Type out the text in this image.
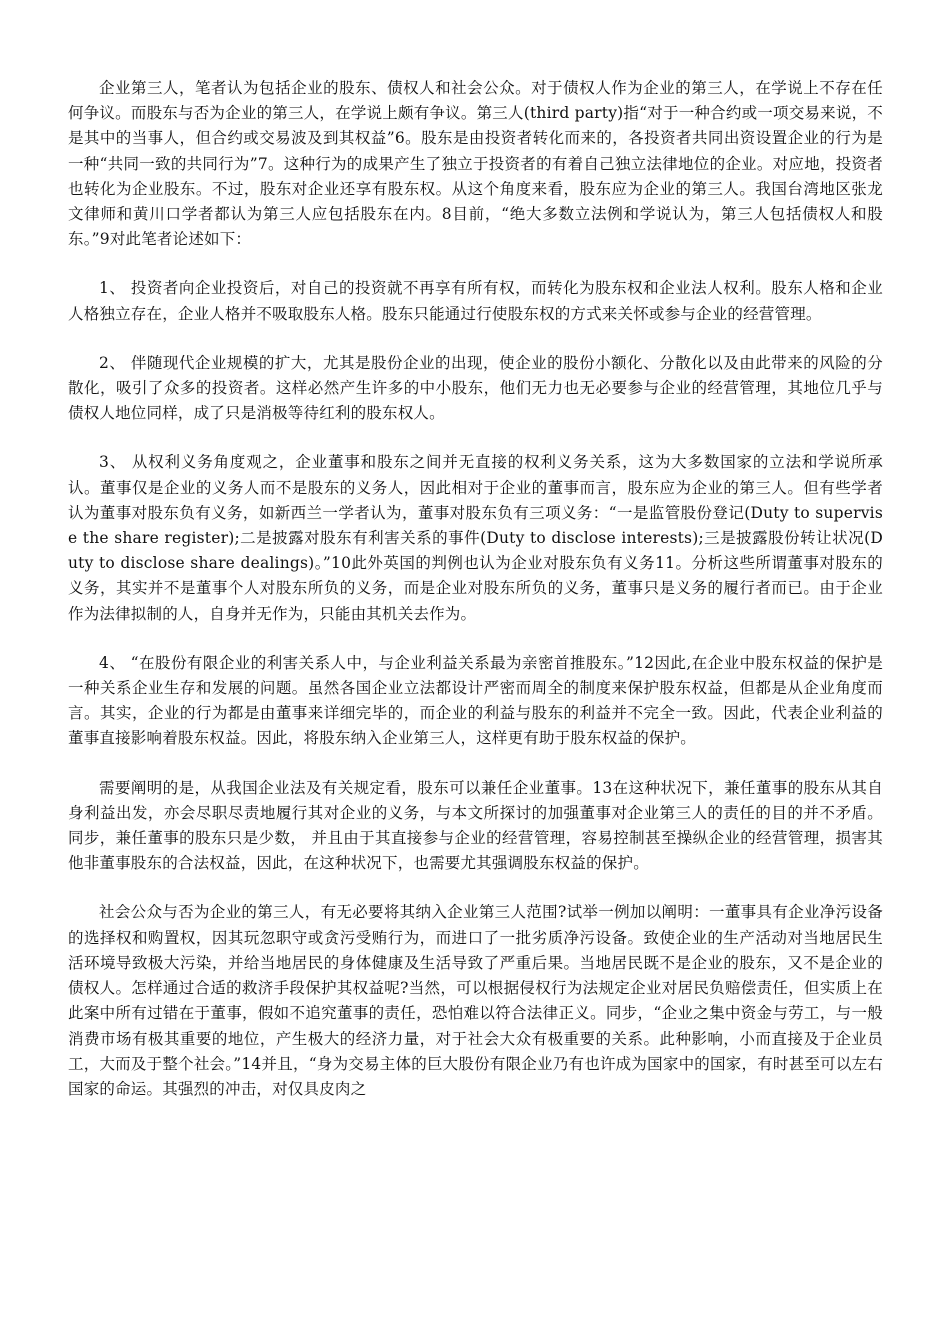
企业第三人，笔者认为包括企业的股东、债权人和社会公众。对于债权人作为企业的第三人，在学说上不存在任何争议。而股东与否为企业的第三人，在学说上颇有争议。第三人(third party)指“对于一种合约或一项交易来说，不是其中的当事人，但合约或交易波及到其权益”6。股东是由投资者转化而来的，各投资者共同出资设置企业的行为是一种“共同一致的共同行为”7。这种行为的成果产生了独立于投资者的有着自己独立法律地位的企业。对应地，投资者也转化为企业股东。不过，股东对企业还享有股东权。从这个角度来看，股东应为企业的第三人。我国台湾地区张龙文律师和黄川口学者都认为第三人应包括股东在内。8目前，“绝大多数立法例和学说认为，第三人包括债权人和股东。”9对此笔者论述如下：

1、 投资者向企业投资后，对自己的投资就不再享有所有权，而转化为股东权和企业法人权利。股东人格和企业人格独立存在，企业人格并不吸取股东人格。股东只能通过行使股东权的方式来关怀或参与企业的经营管理。

2、 伴随现代企业规模的扩大，尤其是股份企业的出现，使企业的股份小额化、分散化以及由此带来的风险的分散化，吸引了众多的投资者。这样必然产生许多的中小股东，他们无力也无必要参与企业的经营管理，其地位几乎与债权人地位同样，成了只是消极等待红利的股东权人。

3、 从权利义务角度观之，企业董事和股东之间并无直接的权利义务关系，这为大多数国家的立法和学说所承认。董事仅是企业的义务人而不是股东的义务人，因此相对于企业的董事而言，股东应为企业的第三人。但有些学者认为董事对股东负有义务，如新西兰一学者认为，董事对股东负有三项义务：“一是监管股份登记(Duty to supervise the share register);二是披露对股东有利害关系的事件(Duty to disclose interests);三是披露股份转让状况(Duty to disclose share dealings)。”10此外英国的判例也认为企业对股东负有义务11。分析这些所谓董事对股东的义务，其实并不是董事个人对股东所负的义务，而是企业对股东所负的义务，董事只是义务的履行者而已。由于企业作为法律拟制的人，自身并无作为，只能由其机关去作为。

4、 “在股份有限企业的利害关系人中，与企业利益关系最为亲密首推股东。”12因此,在企业中股东权益的保护是一种关系企业生存和发展的问题。虽然各国企业立法都设计严密而周全的制度来保护股东权益，但都是从企业角度而言。其实，企业的行为都是由董事来详细完毕的，而企业的利益与股东的利益并不完全一致。因此，代表企业利益的董事直接影响着股东权益。因此，将股东纳入企业第三人，这样更有助于股东权益的保护。

需要阐明的是，从我国企业法及有关规定看，股东可以兼任企业董事。13在这种状况下，兼任董事的股东从其自身利益出发，亦会尽职尽责地履行其对企业的义务，与本文所探讨的加强董事对企业第三人的责任的目的并不矛盾。同步，兼任董事的股东只是少数， 并且由于其直接参与企业的经营管理，容易控制甚至操纵企业的经营管理，损害其他非董事股东的合法权益，因此，在这种状况下，也需要尤其强调股东权益的保护。

社会公众与否为企业的第三人，有无必要将其纳入企业第三人范围?试举一例加以阐明：一董事具有企业净污设备的选择权和购置权，因其玩忽职守或贪污受贿行为，而进口了一批劣质净污设备。致使企业的生产活动对当地居民生活环境导致极大污染，并给当地居民的身体健康及生活导致了严重后果。当地居民既不是企业的股东，又不是企业的债权人。怎样通过合适的救济手段保护其权益呢?当然，可以根据侵权行为法规定企业对居民负赔偿责任，但实质上在此案中所有过错在于董事，假如不追究董事的责任，恐怕难以符合法律正义。同步，“企业之集中资金与劳工，与一般消费市场有极其重要的地位，产生极大的经济力量，对于社会大众有极重要的关系。此种影响，小而直接及于企业员工，大而及于整个社会。”14并且，“身为交易主体的巨大股份有限企业乃有也许成为国家中的国家，有时甚至可以左右国家的命运。其强烈的冲击，对仅具皮肉之
